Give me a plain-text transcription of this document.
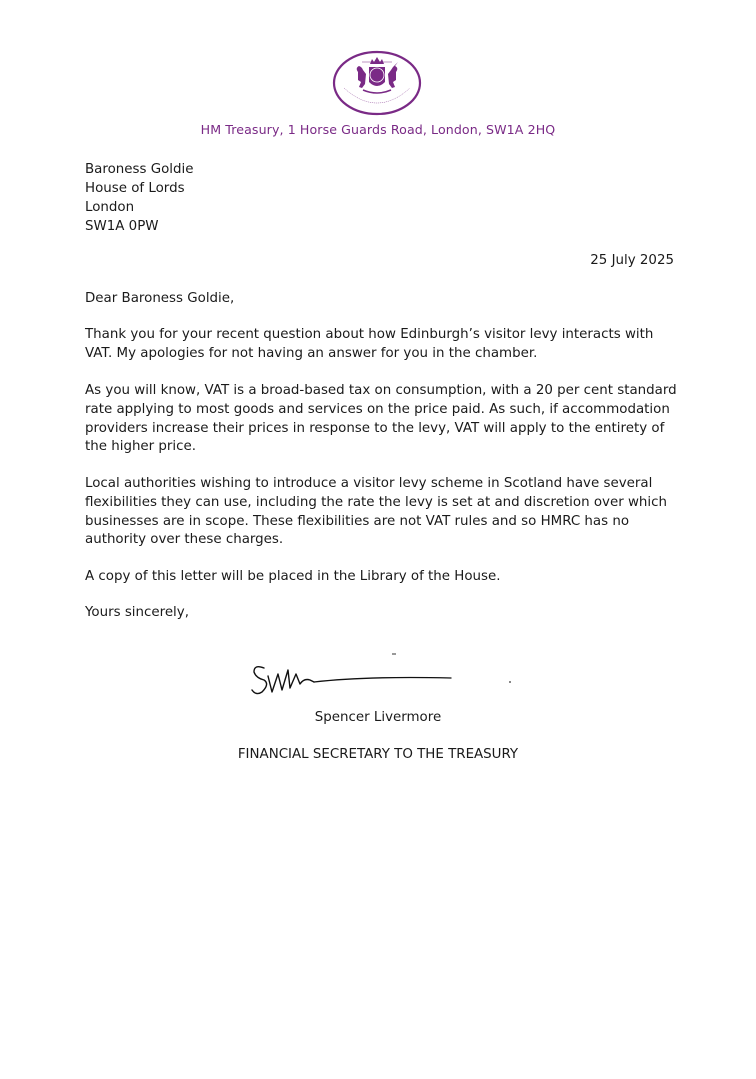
HM Treasury, 1 Horse Guards Road, London, SW1A 2HQ
Baroness Goldie
House of Lords
London
SW1A 0PW
25 July 2025
Dear Baroness Goldie,
Thank you for your recent question about how Edinburgh’s visitor levy interacts with VAT. My apologies for not having an answer for you in the chamber.
As you will know, VAT is a broad-based tax on consumption, with a 20 per cent standard rate applying to most goods and services on the price paid. As such, if accommodation providers increase their prices in response to the levy, VAT will apply to the entirety of the higher price.
Local authorities wishing to introduce a visitor levy scheme in Scotland have several flexibilities they can use, including the rate the levy is set at and discretion over which businesses are in scope. These flexibilities are not VAT rules and so HMRC has no authority over these charges.
A copy of this letter will be placed in the Library of the House.
Yours sincerely,
Spencer Livermore
FINANCIAL SECRETARY TO THE TREASURY
